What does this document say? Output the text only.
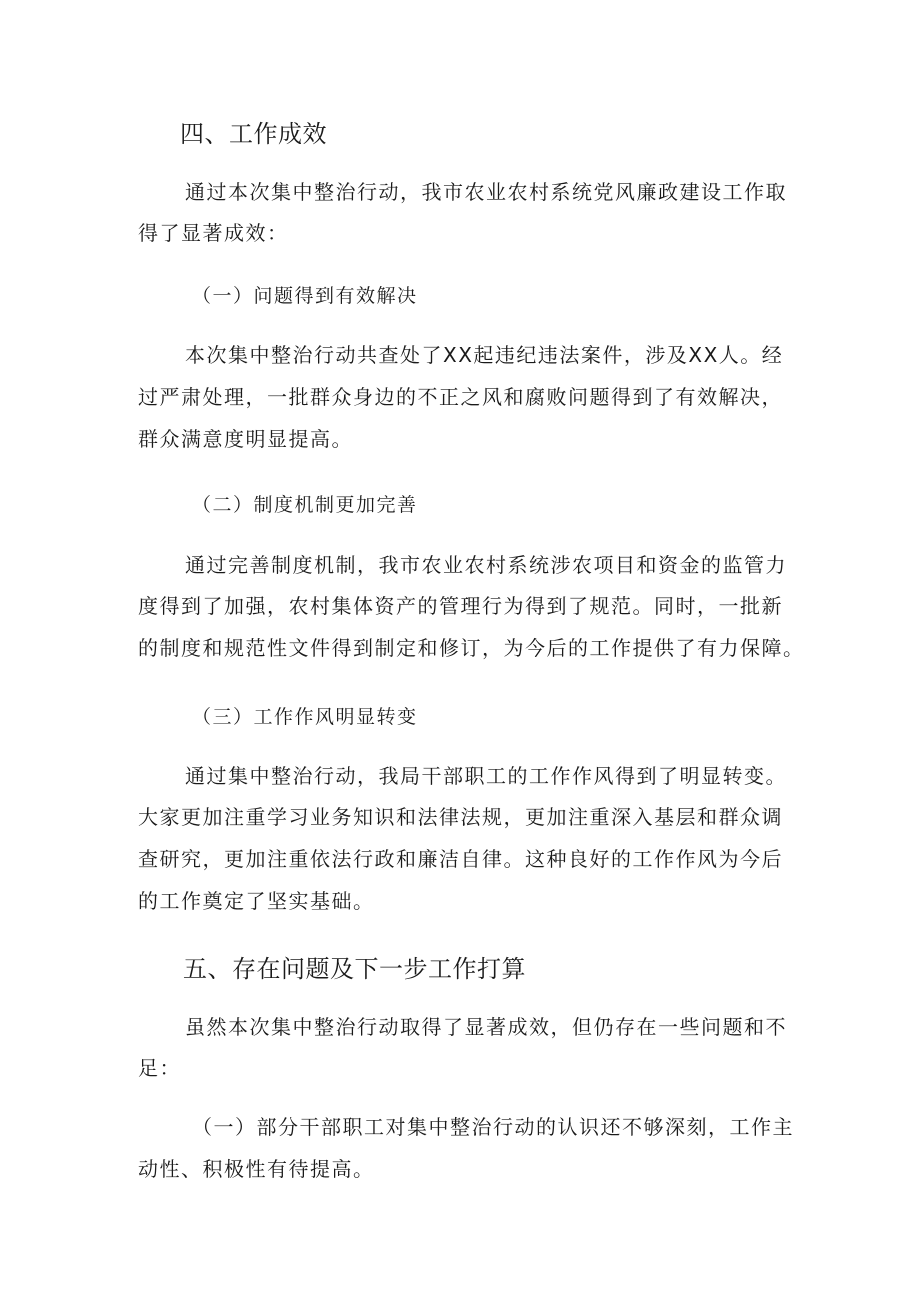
四、工作成效
通过本次集中整治行动，我市农业农村系统党风廉政建设工作取
得了显著成效：
（一）问题得到有效解决
本次集中整治行动共查处了XX起违纪违法案件，涉及XX人。经
过严肃处理，一批群众身边的不正之风和腐败问题得到了有效解决，
群众满意度明显提高。
（二）制度机制更加完善
通过完善制度机制，我市农业农村系统涉农项目和资金的监管力
度得到了加强，农村集体资产的管理行为得到了规范。同时，一批新
的制度和规范性文件得到制定和修订，为今后的工作提供了有力保障。
（三）工作作风明显转变
通过集中整治行动，我局干部职工的工作作风得到了明显转变。
大家更加注重学习业务知识和法律法规，更加注重深入基层和群众调
查研究，更加注重依法行政和廉洁自律。这种良好的工作作风为今后
的工作奠定了坚实基础。
五、存在问题及下一步工作打算
虽然本次集中整治行动取得了显著成效，但仍存在一些问题和不
足：
（一）部分干部职工对集中整治行动的认识还不够深刻，工作主
动性、积极性有待提高。
